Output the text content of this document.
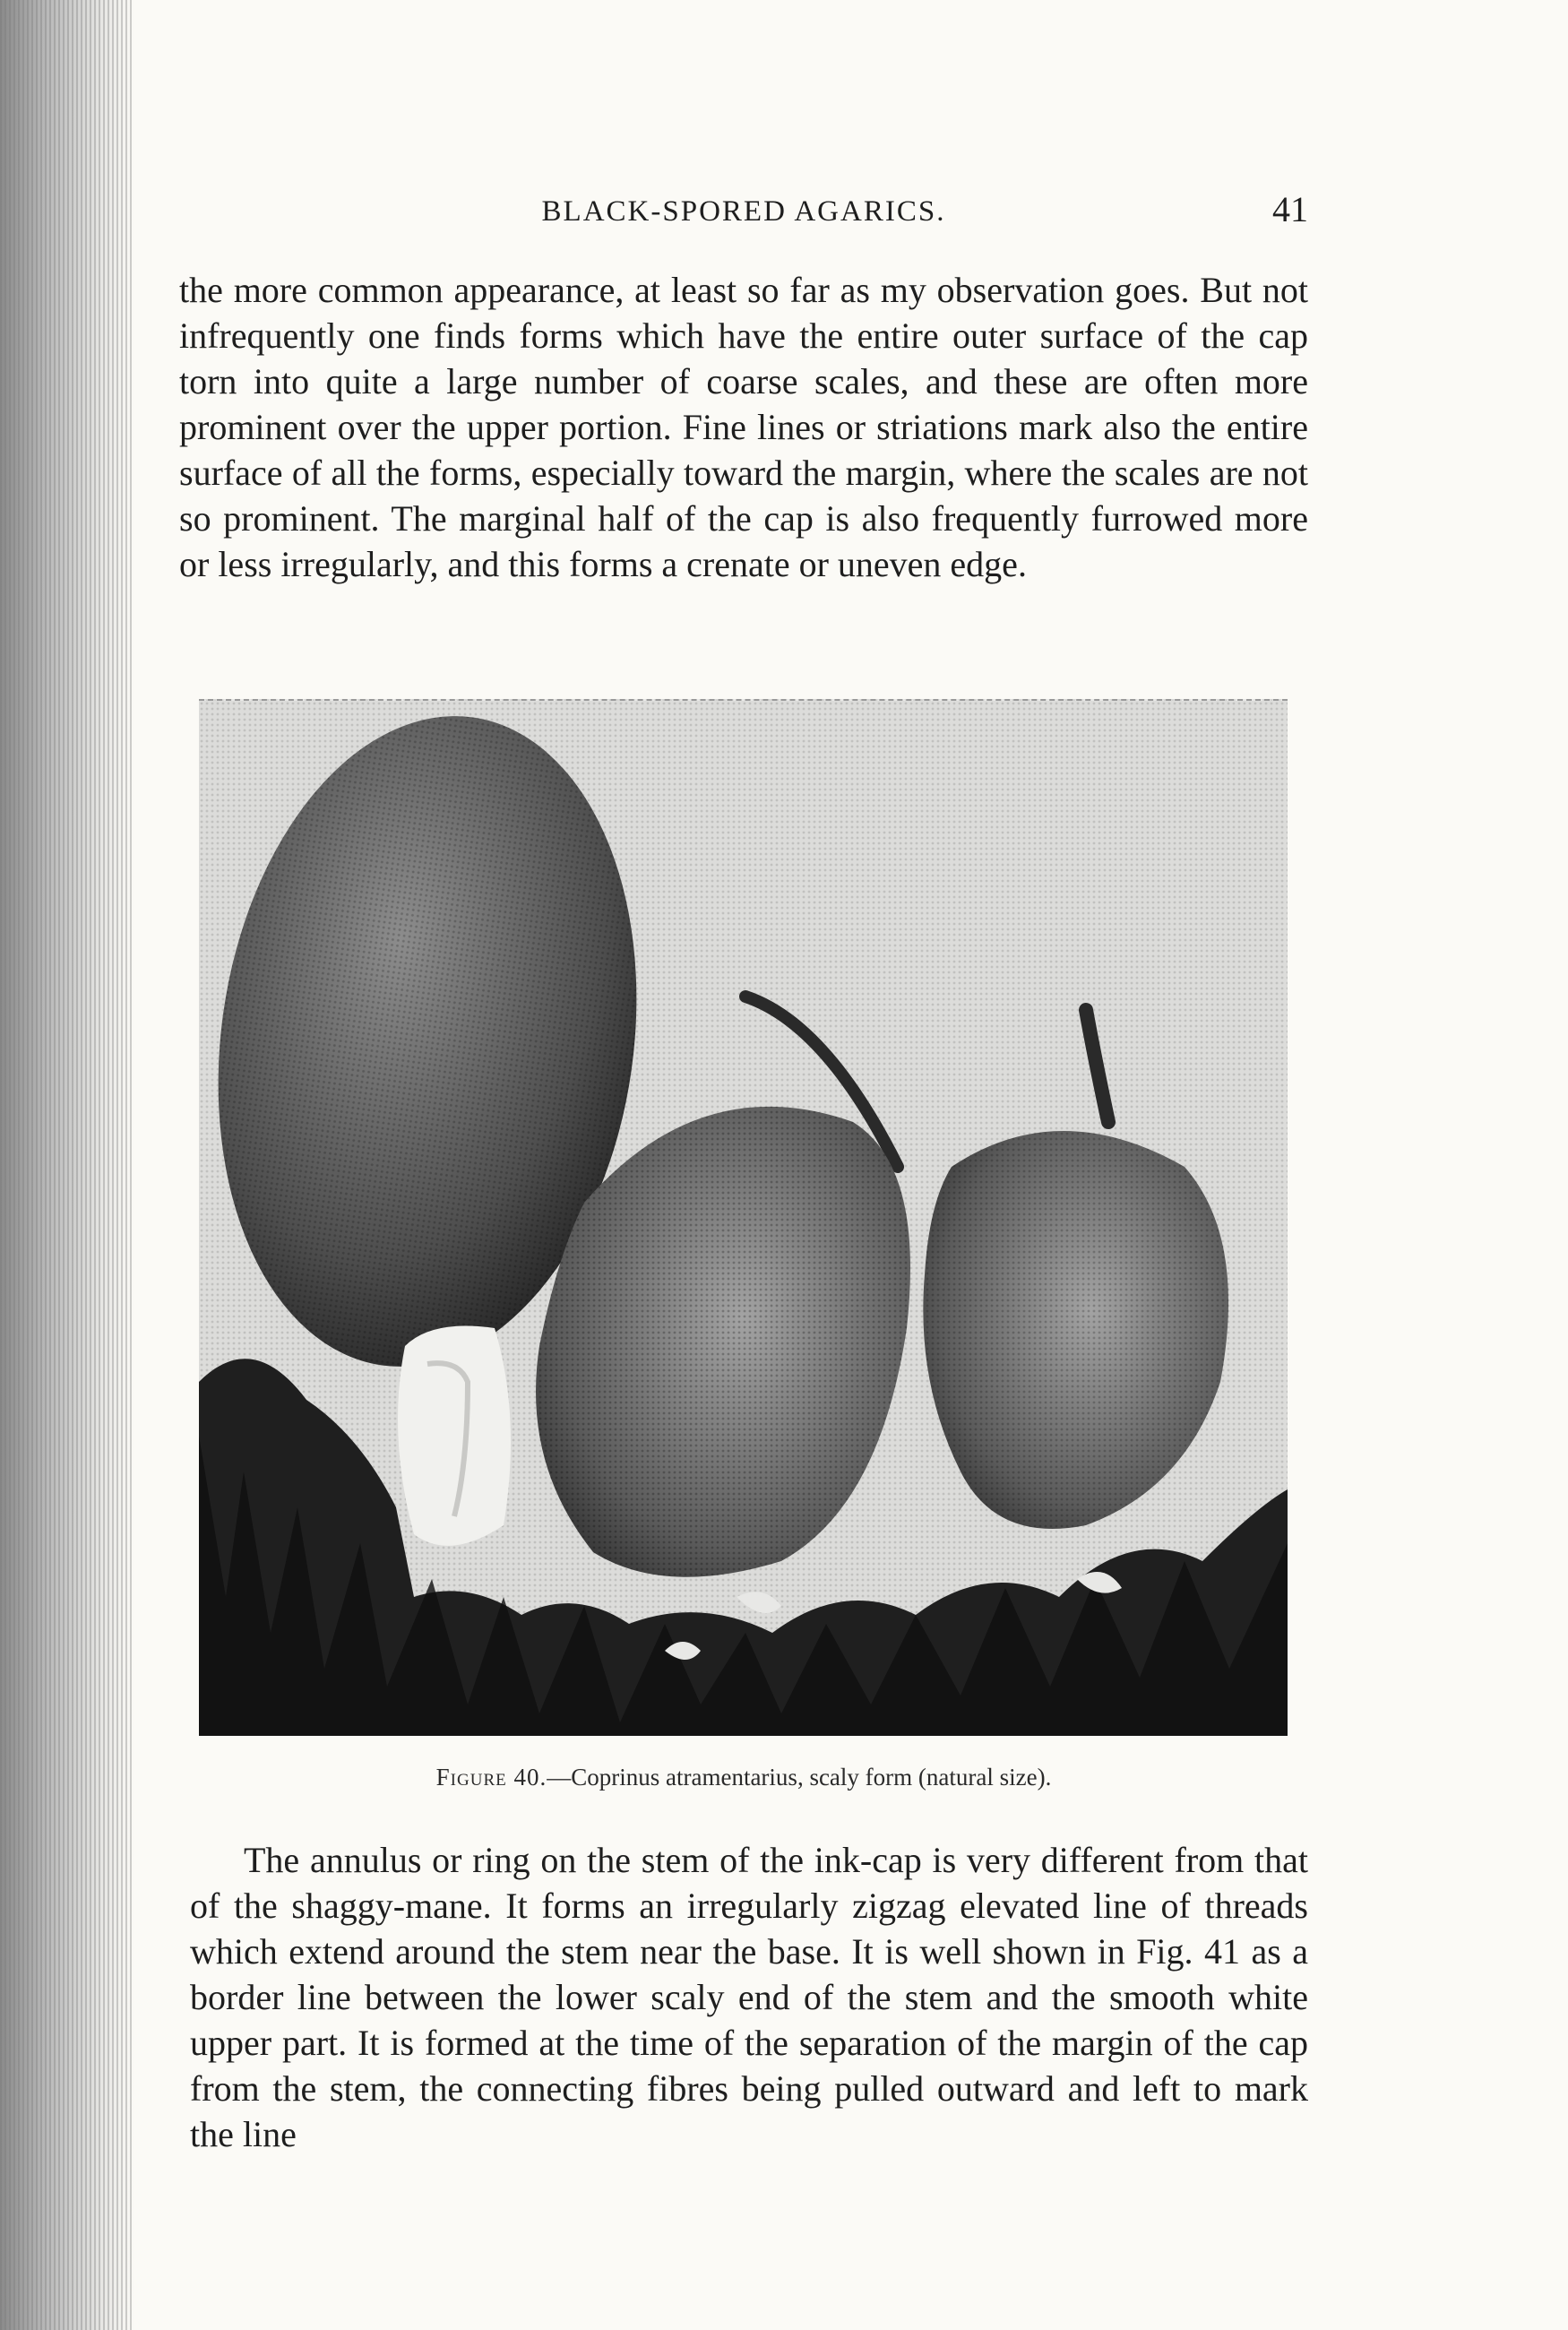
BLACK-SPORED AGARICS.	41

the more common appearance, at least so far as my observation goes. But not infrequently one finds forms which have the entire outer surface of the cap torn into quite a large number of coarse scales, and these are often more prominent over the upper portion. Fine lines or striations mark also the entire surface of all the forms, especially toward the margin, where the scales are not so prominent. The marginal half of the cap is also frequently furrowed more or less irregularly, and this forms a crenate or uneven edge.

Figure 40.—Coprinus atramentarius, scaly form (natural size).

The annulus or ring on the stem of the ink-cap is very different from that of the shaggy-mane. It forms an irregularly zigzag elevated line of threads which extend around the stem near the base. It is well shown in Fig. 41 as a border line between the lower scaly end of the stem and the smooth white upper part. It is formed at the time of the separation of the margin of the cap from the stem, the connecting fibres being pulled outward and left to mark the line
